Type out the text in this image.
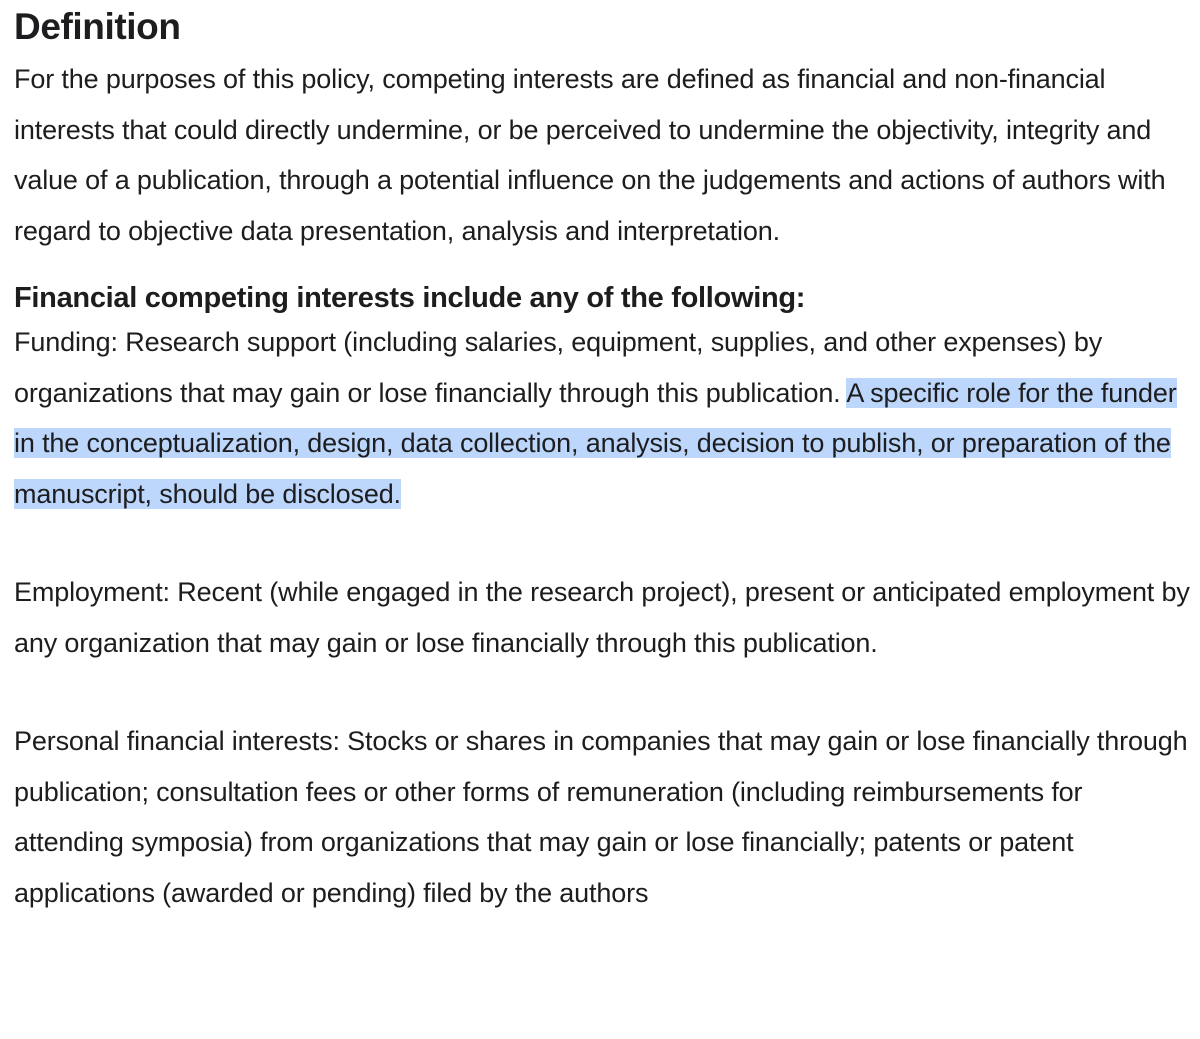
Definition

For the purposes of this policy, competing interests are defined as financial and non-financial interests that could directly undermine, or be perceived to undermine the objectivity, integrity and value of a publication, through a potential influence on the judgements and actions of authors with regard to objective data presentation, analysis and interpretation.

Financial competing interests include any of the following:

Funding: Research support (including salaries, equipment, supplies, and other expenses) by organizations that may gain or lose financially through this publication. A specific role for the funder in the conceptualization, design, data collection, analysis, decision to publish, or preparation of the manuscript, should be disclosed.

Employment: Recent (while engaged in the research project), present or anticipated employment by any organization that may gain or lose financially through this publication.

Personal financial interests: Stocks or shares in companies that may gain or lose financially through publication; consultation fees or other forms of remuneration (including reimbursements for attending symposia) from organizations that may gain or lose financially; patents or patent applications (awarded or pending) filed by the authors
